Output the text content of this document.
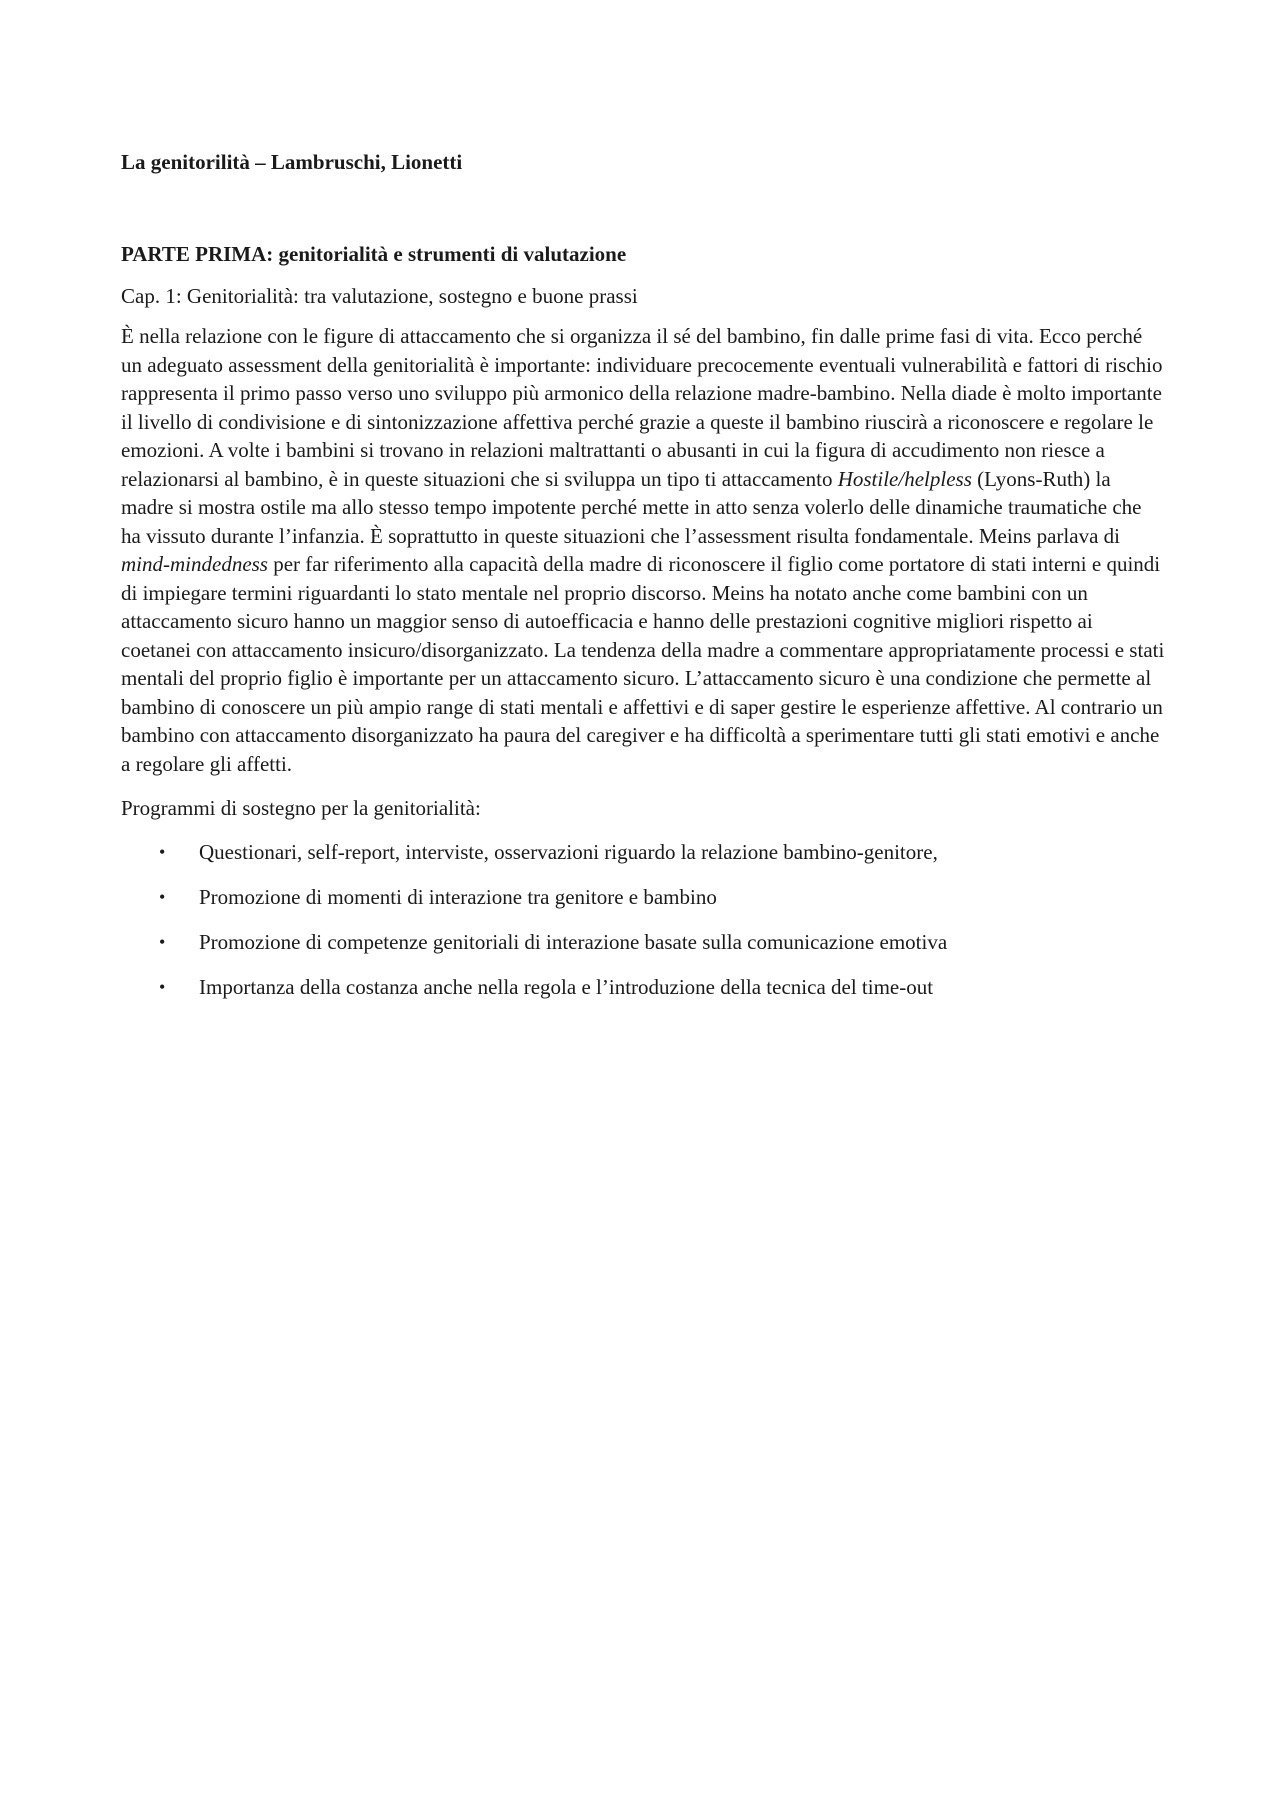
La genitorilità – Lambruschi, Lionetti

PARTE PRIMA: genitorialità e strumenti di valutazione

Cap. 1: Genitorialità: tra valutazione, sostegno e buone prassi

È nella relazione con le figure di attaccamento che si organizza il sé del bambino, fin dalle prime fasi di vita. Ecco perché un adeguato assessment della genitorialità è importante: individuare precocemente eventuali vulnerabilità e fattori di rischio rappresenta il primo passo verso uno sviluppo più armonico della relazione madre-bambino. Nella diade è molto importante il livello di condivisione e di sintonizzazione affettiva perché grazie a queste il bambino riuscirà a riconoscere e regolare le emozioni. A volte i bambini si trovano in relazioni maltrattanti o abusanti in cui la figura di accudimento non riesce a relazionarsi al bambino, è in queste situazioni che si sviluppa un tipo ti attaccamento Hostile/helpless (Lyons-Ruth) la madre si mostra ostile ma allo stesso tempo impotente perché mette in atto senza volerlo delle dinamiche traumatiche che ha vissuto durante l’infanzia. È soprattutto in queste situazioni che l’assessment risulta fondamentale. Meins parlava di mind-mindedness per far riferimento alla capacità della madre di riconoscere il figlio come portatore di stati interni e quindi di impiegare termini riguardanti lo stato mentale nel proprio discorso. Meins ha notato anche come bambini con un attaccamento sicuro hanno un maggior senso di autoefficacia e hanno delle prestazioni cognitive migliori rispetto ai coetanei con attaccamento insicuro/disorganizzato. La tendenza della madre a commentare appropriatamente processi e stati mentali del proprio figlio è importante per un attaccamento sicuro. L’attaccamento sicuro è una condizione che permette al bambino di conoscere un più ampio range di stati mentali e affettivi e di saper gestire le esperienze affettive. Al contrario un bambino con attaccamento disorganizzato ha paura del caregiver e ha difficoltà a sperimentare tutti gli stati emotivi e anche a regolare gli affetti.

Programmi di sostegno per la genitorialità:

• Questionari, self-report, interviste, osservazioni riguardo la relazione bambino-genitore,
• Promozione di momenti di interazione tra genitore e bambino
• Promozione di competenze genitoriali di interazione basate sulla comunicazione emotiva
• Importanza della costanza anche nella regola e l’introduzione della tecnica del time-out
